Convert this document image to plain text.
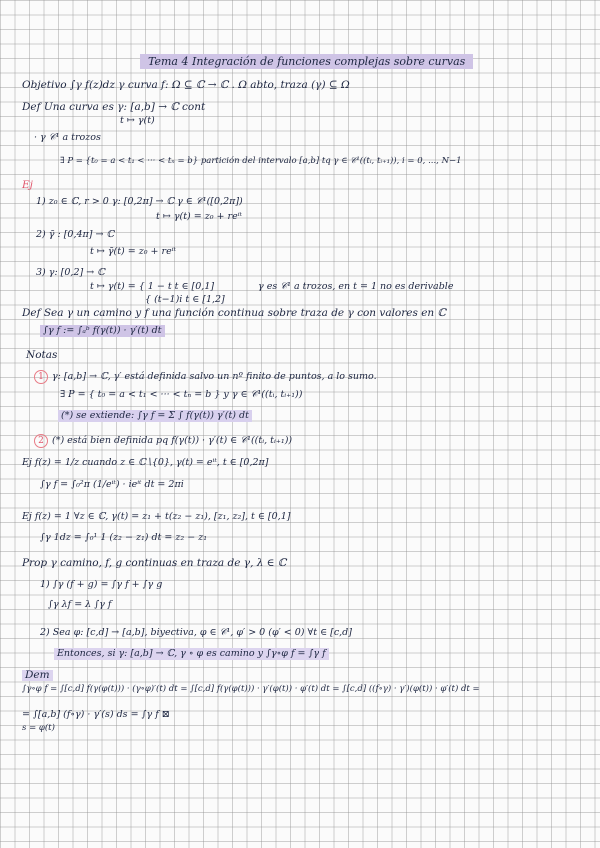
Tema 4 Integración de funciones complejas sobre curvas
Objetivo ∫γ f(z)dz γ curva f: Ω ⊆ ℂ → ℂ . Ω abto, traza (γ) ⊆ Ω
Def Una curva es γ: [a,b] → ℂ cont
t ↦ γ(t)
· γ 𝒞¹ a trozos
∃ P = {t₀ = a < t₁ < ··· < tₙ = b} partición del intervalo [a,b] tq γ ∈ 𝒞¹((tᵢ, tᵢ₊₁)), i = 0, ..., N−1
Ej
1) z₀ ∈ ℂ, r > 0 γ: [0,2π] → ℂ γ ∈ 𝒞¹([0,2π])
t ↦ γ(t) = z₀ + reⁱᵗ
2) γ̃ : [0,4π] → ℂ
t ↦ γ̃(t) = z₀ + reⁱᵗ
3) γ: [0,2] → ℂ
t ↦ γ(t) = { 1 − t t ∈ [0,1]
{ (t−1)i t ∈ [1,2]
γ es 𝒞¹ a trozos, en t = 1 no es derivable
Def Sea γ un camino y f una función continua sobre traza de γ con valores en ℂ
∫γ f := ∫ₐᵇ f(γ(t)) · γ′(t) dt
Notas
1 γ: [a,b] → ℂ, γ′ está definida salvo un nº finito de puntos, a lo sumo.
∃ P = { t₀ = a < t₁ < ··· < tₙ = b } y γ ∈ 𝒞¹((tᵢ, tᵢ₊₁))
(*) se extiende: ∫γ f = Σ ∫ f(γ(t)) γ′(t) dt
2 (*) está bien definida pq f(γ(t)) · γ′(t) ∈ 𝒞¹((tᵢ, tᵢ₊₁))
Ej f(z) = 1/z cuando z ∈ ℂ∖{0}, γ(t) = eⁱᵗ, t ∈ [0,2π]
∫γ f = ∫₀²π (1/eⁱᵗ) · ieⁱᵗ dt = 2πi
Ej f(z) = 1 ∀z ∈ ℂ, γ(t) = z₁ + t(z₂ − z₁), [z₁, z₂], t ∈ [0,1]
∫γ 1dz = ∫₀¹ 1 (z₂ − z₁) dt = z₂ − z₁
Prop γ camino, f, g continuas en traza de γ, λ ∈ ℂ
1) ∫γ (f + g) = ∫γ f + ∫γ g
∫γ λf = λ ∫γ f
2) Sea φ: [c,d] → [a,b], biyectiva, φ ∈ 𝒞¹, φ′ > 0 (φ′ < 0) ∀t ∈ [c,d]
Entonces, si γ: [a,b] → ℂ, γ ∘ φ es camino y ∫γ∘φ f = ∫γ f
Dem
∫γ∘φ f = ∫[c,d] f(γ(φ(t))) · (γ∘φ)′(t) dt = ∫[c,d] f(γ(φ(t))) · γ′(φ(t)) · φ′(t) dt = ∫[c,d] ((f∘γ) · γ′)(φ(t)) · φ′(t) dt =
= ∫[a,b] (f∘γ) · γ′(s) ds = ∫γ f ⊠
s = φ(t)
